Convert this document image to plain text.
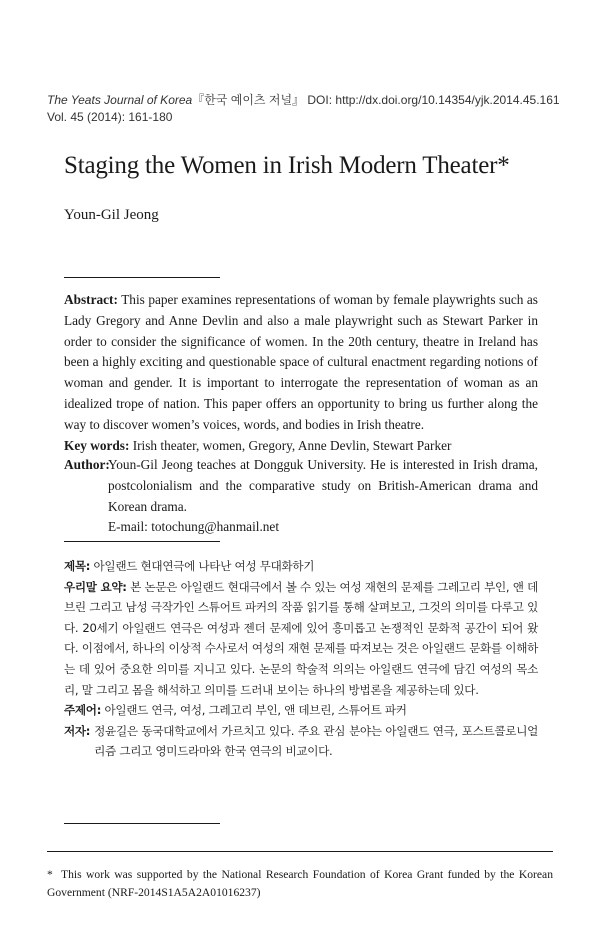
The Yeats Journal of Korea『한국 예이츠 저널』 DOI: http://dx.doi.org/10.14354/yjk.2014.45.161
Vol. 45 (2014): 161-180
Staging the Women in Irish Modern Theater*
Youn-Gil Jeong

Abstract: This paper examines representations of woman by female playwrights such as Lady Gregory and Anne Devlin and also a male playwright such as Stewart Parker in order to consider the significance of women. In the 20th century, theatre in Ireland has been a highly exciting and questionable space of cultural enactment regarding notions of woman and gender. It is important to interrogate the representation of woman as an idealized trope of nation. This paper offers an opportunity to bring us further along the way to discover women’s voices, words, and bodies in Irish theatre.

Key words: Irish theater, women, Gregory, Anne Devlin, Stewart Parker

Author:
Youn-Gil Jeong teaches at Dongguk University. He is interested in Irish drama, postcolonialism and the comparative study on British-American drama and Korean drama.
E-mail: totochung@hanmail.net

제목: 아일랜드 현대연극에 나타난 여성 무대화하기

우리말 요약: 본 논문은 아일랜드 현대극에서 볼 수 있는 여성 재현의 문제를 그레고리 부인, 앤 데브린 그리고 남성 극작가인 스튜어트 파커의 작품 읽기를 통해 살펴보고, 그것의 의미를 다루고 있다. 20세기 아일랜드 연극은 여성과 젠더 문제에 있어 흥미롭고 논쟁적인 문화적 공간이 되어 왔다. 이점에서, 하나의 이상적 수사로서 여성의 재현 문제를 따져보는 것은 아일랜드 문화를 이해하는 데 있어 중요한 의미를 지니고 있다. 논문의 학술적 의의는 아일랜드 연극에 담긴 여성의 목소리, 말 그리고 몸을 해석하고 의미를 드러내 보이는 하나의 방법론을 제공하는데 있다.

주제어: 아일랜드 연극, 여성, 그레고리 부인, 앤 데브린, 스튜어트 파커

저자: 정윤길은 동국대학교에서 가르치고 있다. 주요 관심 분야는 아일랜드 연극, 포스트콜로니얼리즘 그리고 영미드라마와 한국 연극의 비교이다.
* This work was supported by the National Research Foundation of Korea Grant funded by the Korean Government (NRF-2014S1A5A2A01016237)
